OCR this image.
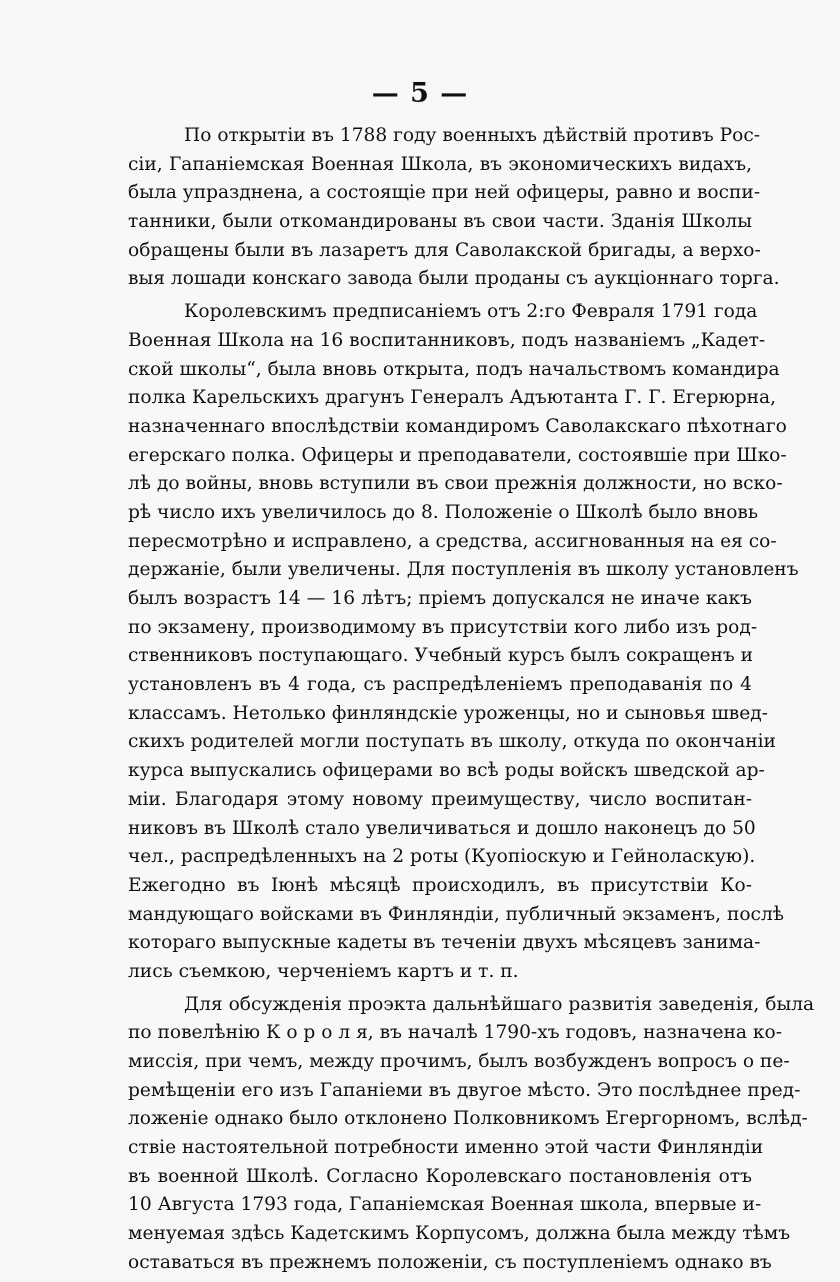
— 5 —
По открытіи въ 1788 году военныхъ дѣйствій противъ Рос-
сіи, Гапаніемская Военная Школа, въ экономическихъ видахъ,
была упразднена, а состоящіе при ней офицеры, равно и воспи-
танники, были откомандированы въ свои части. Зданія Школы
обращены были въ лазаретъ для Саволакской бригады, а верхо-
выя лошади конскаго завода были проданы съ аукціоннаго торга.
Королевскимъ предписаніемъ отъ 2:го Февраля 1791 года
Военная Школа на 16 воспитанниковъ, подъ названіемъ „Кадет-
ской школы“, была вновь открыта, подъ начальствомъ командира
полка Карельскихъ драгунъ Генералъ Адъютанта Г. Г. Егерюрна,
назначеннаго впослѣдствіи командиромъ Саволакскаго пѣхотнаго
егерскаго полка. Офицеры и преподаватели, состоявшіе при Шко-
лѣ до войны, вновь вступили въ свои прежнія должности, но вско-
рѣ число ихъ увеличилось до 8. Положеніе о Школѣ было вновь
пересмотрѣно и исправлено, а средства, ассигнованныя на ея со-
держаніе, были увеличены. Для поступленія въ школу установленъ
былъ возрастъ 14 — 16 лѣтъ; пріемъ допускался не иначе какъ
по экзамену, производимому въ присутствіи кого либо изъ род-
ственниковъ поступающаго. Учебный курсъ былъ сокращенъ и
установленъ въ 4 года, съ распредѣленіемъ преподаванія по 4
классамъ. Нетолько финляндскіе уроженцы, но и сыновья швед-
скихъ родителей могли поступать въ школу, откуда по окончаніи
курса выпускались офицерами во всѣ роды войскъ шведской ар-
міи. Благодаря этому новому преимуществу, число воспитан-
никовъ въ Школѣ стало увеличиваться и дошло наконецъ до 50
чел., распредѣленныхъ на 2 роты (Куопіоскую и Гейноласкую).
Ежегодно въ Іюнѣ мѣсяцѣ происходилъ, въ присутствіи Ко-
мандующаго войсками въ Финляндіи, публичный экзаменъ, послѣ
котораго выпускные кадеты въ теченіи двухъ мѣсяцевъ занима-
лись съемкою, черченіемъ картъ и т. п.
Для обсужденія проэкта дальнѣйшаго развитія заведенія, была
по повелѣнію К о р о л я, въ началѣ 1790-хъ годовъ, назначена ко-
миссія, при чемъ, между прочимъ, былъ возбужденъ вопросъ о пе-
ремѣщеніи его изъ Гапаніеми въ двугое мѣсто. Это послѣднее пред-
ложеніе однако было отклонено Полковникомъ Егергорномъ, вслѣд-
ствіе настоятельной потребности именно этой части Финляндіи
въ военной Школѣ. Согласно Королевскаго постановленія отъ
10 Августа 1793 года, Гапаніемская Военная школа, впервые и-
менуемая здѣсь Кадетскимъ Корпусомъ, должна была между тѣмъ
оставаться въ прежнемъ положеніи, съ поступленіемъ однако въ
